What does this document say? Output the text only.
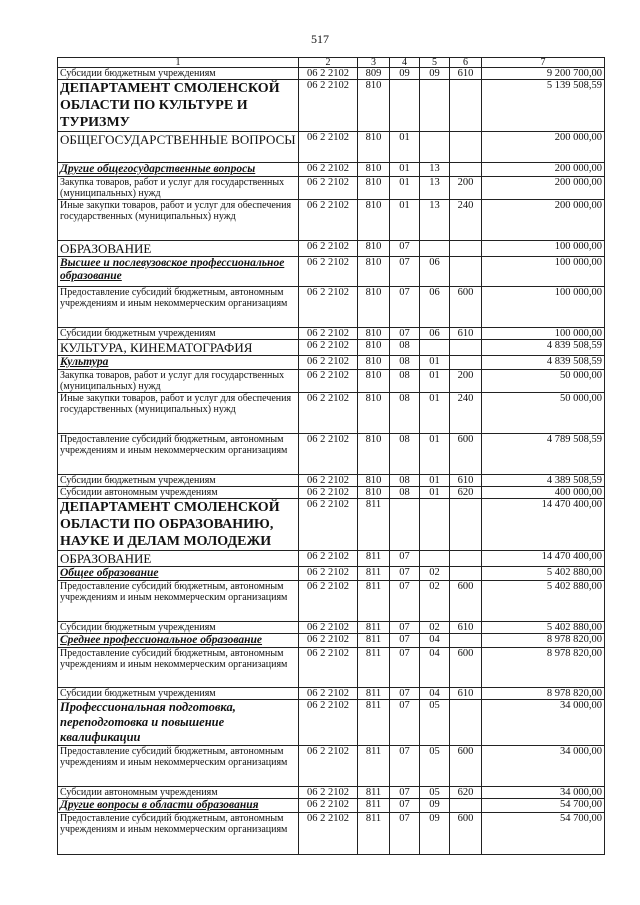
517
1	2	3	4	5	6	7
Субсидии бюджетным учреждениям	06 2 2102	809	09	09	610	9 200 700,00
ДЕПАРТАМЕНТ СМОЛЕНСКОЙ ОБЛАСТИ ПО КУЛЬТУРЕ И ТУРИЗМУ	06 2 2102	810				5 139 508,59
ОБЩЕГОСУДАРСТВЕННЫЕ ВОПРОСЫ	06 2 2102	810	01			200 000,00
Другие общегосударственные вопросы	06 2 2102	810	01	13		200 000,00
Закупка товаров, работ и услуг для государственных (муниципальных) нужд	06 2 2102	810	01	13	200	200 000,00
Иные закупки товаров, работ и услуг для обеспечения государственных (муниципальных) нужд	06 2 2102	810	01	13	240	200 000,00
ОБРАЗОВАНИЕ	06 2 2102	810	07			100 000,00
Высшее и послевузовское профессиональное образование	06 2 2102	810	07	06		100 000,00
Предоставление субсидий бюджетным, автономным учреждениям и иным некоммерческим организациям	06 2 2102	810	07	06	600	100 000,00
Субсидии бюджетным учреждениям	06 2 2102	810	07	06	610	100 000,00
КУЛЬТУРА, КИНЕМАТОГРАФИЯ	06 2 2102	810	08			4 839 508,59
Культура	06 2 2102	810	08	01		4 839 508,59
Закупка товаров, работ и услуг для государственных (муниципальных) нужд	06 2 2102	810	08	01	200	50 000,00
Иные закупки товаров, работ и услуг для обеспечения государственных (муниципальных) нужд	06 2 2102	810	08	01	240	50 000,00
Предоставление субсидий бюджетным, автономным учреждениям и иным некоммерческим организациям	06 2 2102	810	08	01	600	4 789 508,59
Субсидии бюджетным учреждениям	06 2 2102	810	08	01	610	4 389 508,59
Субсидии автономным учреждениям	06 2 2102	810	08	01	620	400 000,00
ДЕПАРТАМЕНТ СМОЛЕНСКОЙ ОБЛАСТИ ПО ОБРАЗОВАНИЮ, НАУКЕ И ДЕЛАМ МОЛОДЕЖИ	06 2 2102	811				14 470 400,00
ОБРАЗОВАНИЕ	06 2 2102	811	07			14 470 400,00
Общее образование	06 2 2102	811	07	02		5 402 880,00
Предоставление субсидий бюджетным, автономным учреждениям и иным некоммерческим организациям	06 2 2102	811	07	02	600	5 402 880,00
Субсидии бюджетным учреждениям	06 2 2102	811	07	02	610	5 402 880,00
Среднее профессиональное образование	06 2 2102	811	07	04		8 978 820,00
Предоставление субсидий бюджетным, автономным учреждениям и иным некоммерческим организациям	06 2 2102	811	07	04	600	8 978 820,00
Субсидии бюджетным учреждениям	06 2 2102	811	07	04	610	8 978 820,00
Профессиональная подготовка, переподготовка и повышение квалификации	06 2 2102	811	07	05		34 000,00
Предоставление субсидий бюджетным, автономным учреждениям и иным некоммерческим организациям	06 2 2102	811	07	05	600	34 000,00
Субсидии автономным учреждениям	06 2 2102	811	07	05	620	34 000,00
Другие вопросы в области образования	06 2 2102	811	07	09		54 700,00
Предоставление субсидий бюджетным, автономным учреждениям и иным некоммерческим организациям	06 2 2102	811	07	09	600	54 700,00
